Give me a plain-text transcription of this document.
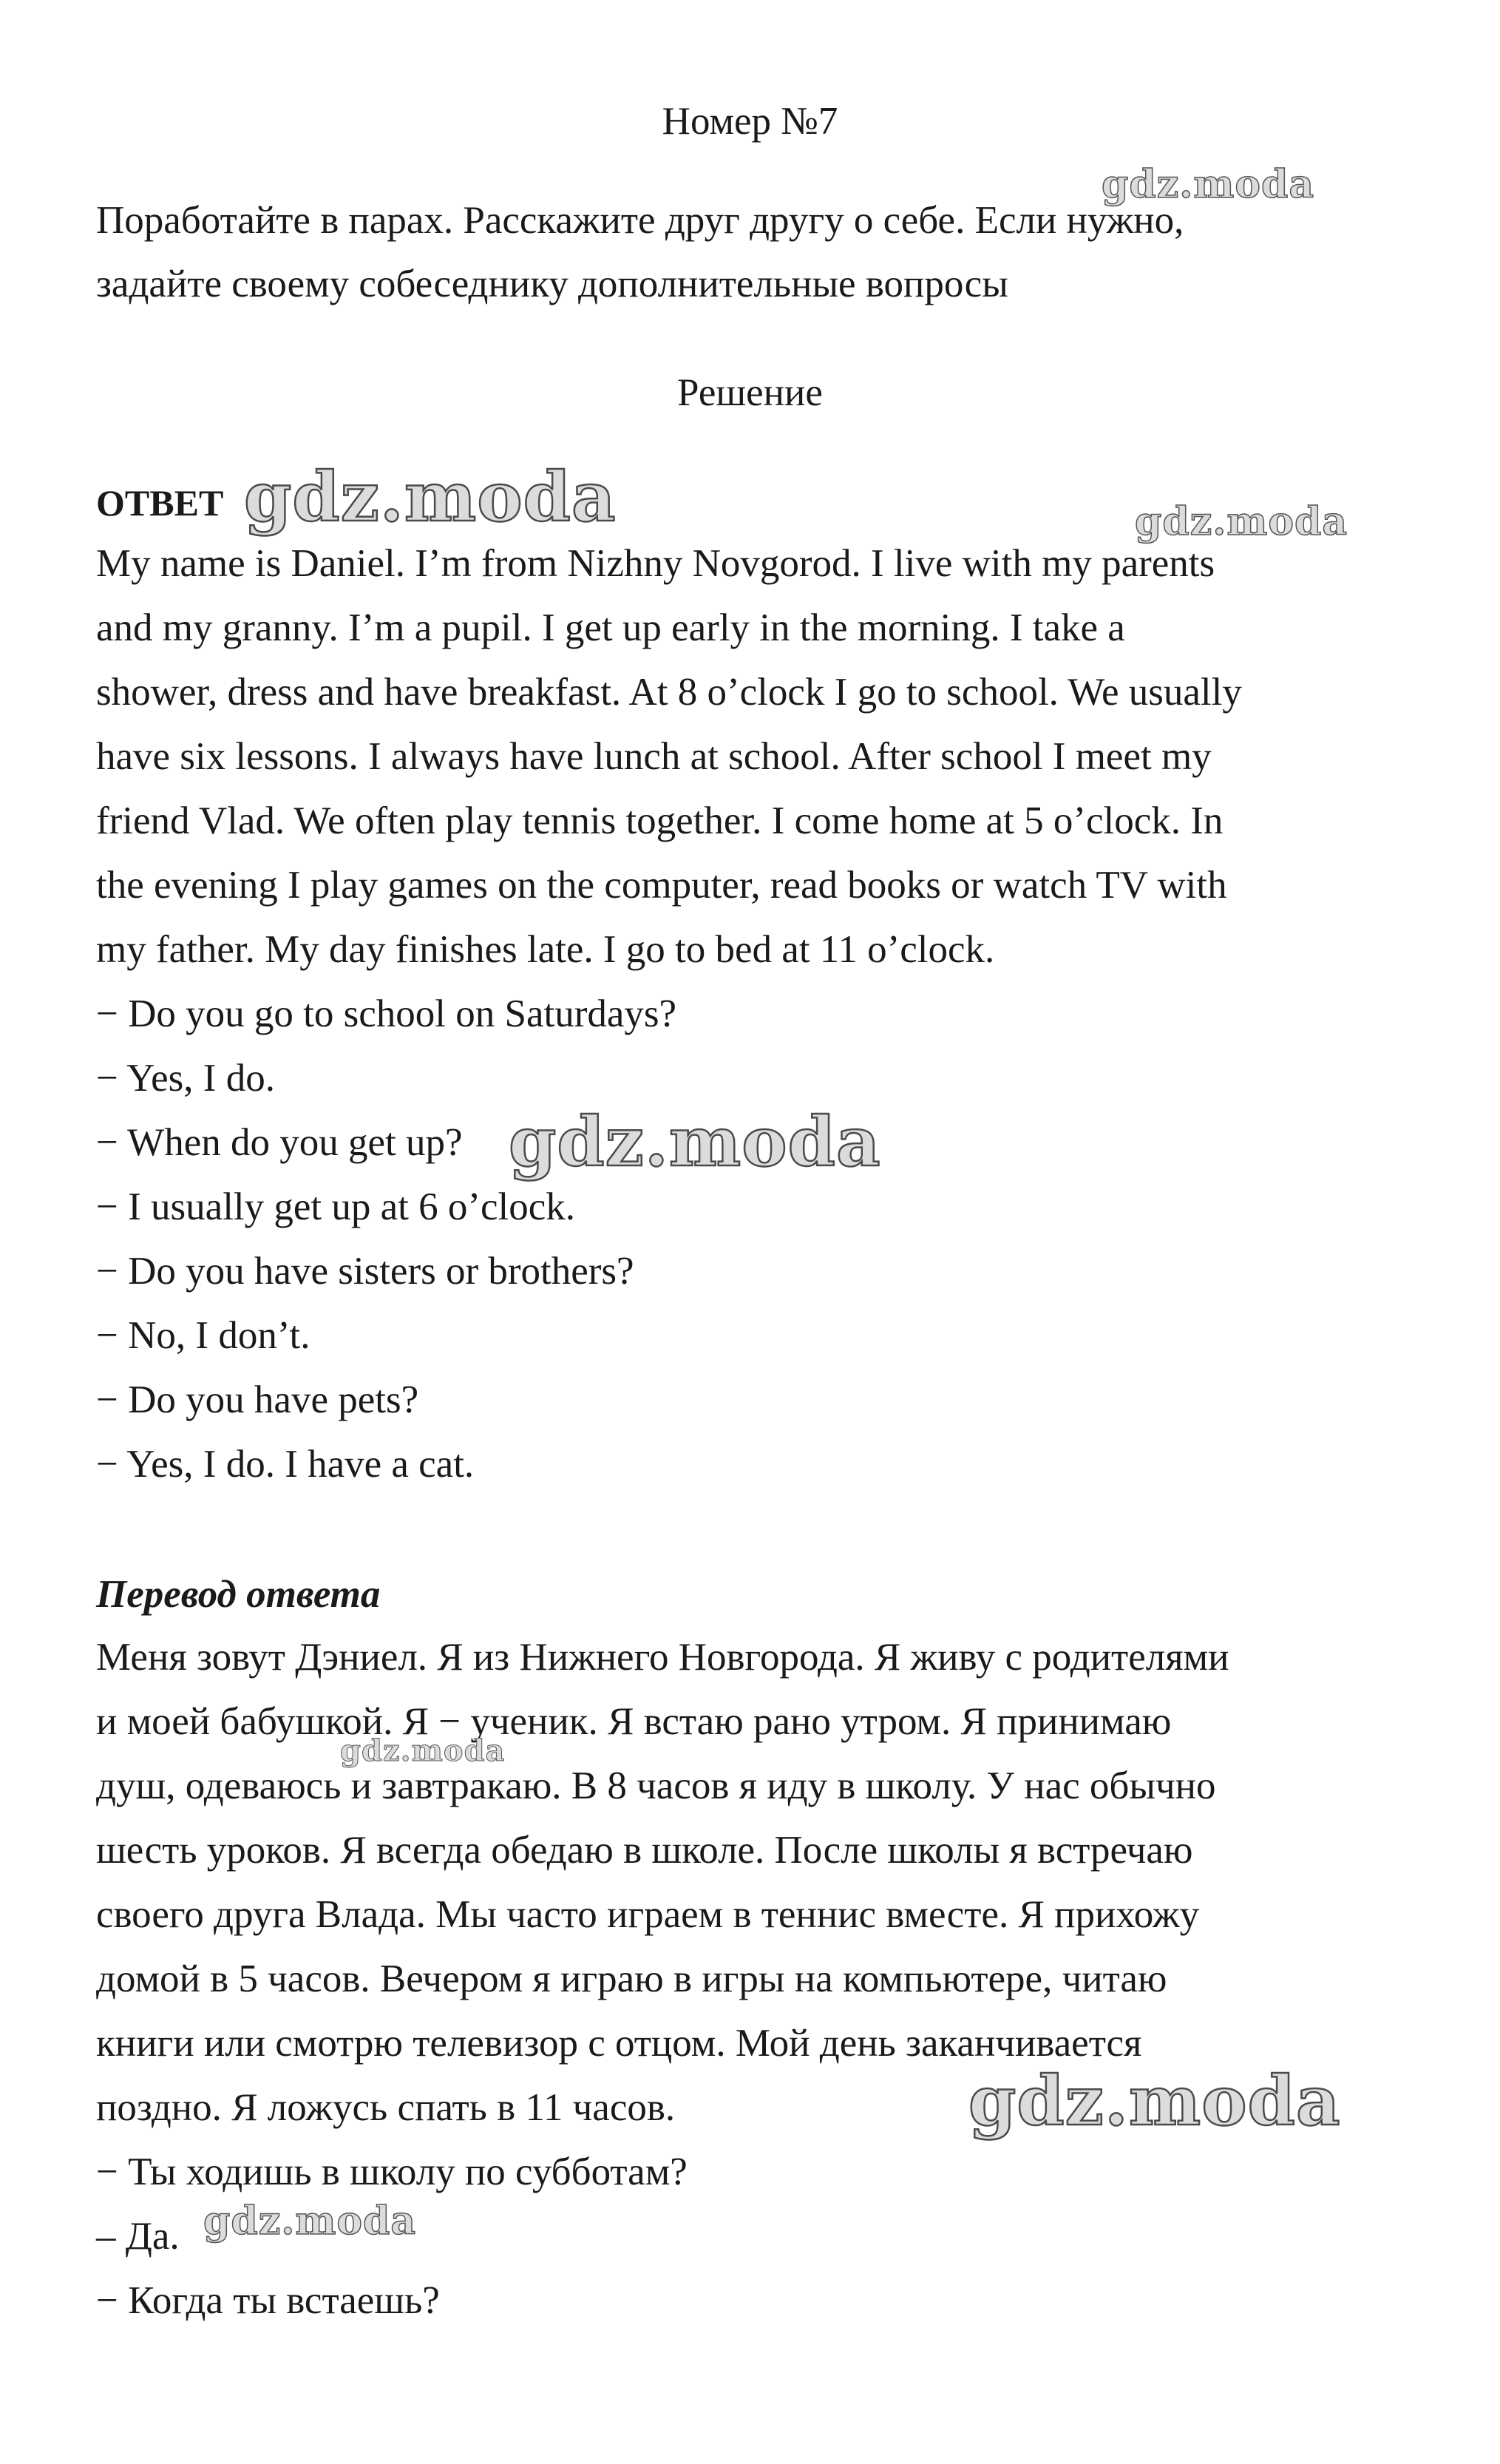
Номер №7
Поработайте в парах. Расскажите друг другу о себе. Если нужно,
задайте своему собеседнику дополнительные вопросы
Решение
ОТВЕТ
My name is Daniel. I’m from Nizhny Novgorod. I live with my parents
and my granny. I’m a pupil. I get up early in the morning. I take a
shower, dress and have breakfast. At 8 o’clock I go to school. We usually
have six lessons. I always have lunch at school. After school I meet my
friend Vlad. We often play tennis together. I come home at 5 o’clock. In
the evening I play games on the computer, read books or watch TV with
my father. My day finishes late. I go to bed at 11 o’clock.
− Do you go to school on Saturdays?
− Yes, I do.
− When do you get up?
− I usually get up at 6 o’clock.
− Do you have sisters or brothers?
− No, I don’t.
− Do you have pets?
− Yes, I do. I have a cat.
Перевод ответа
Меня зовут Дэниел. Я из Нижнего Новгорода. Я живу с родителями
и моей бабушкой. Я − ученик. Я встаю рано утром. Я принимаю
душ, одеваюсь и завтракаю. В 8 часов я иду в школу. У нас обычно
шесть уроков. Я всегда обедаю в школе. После школы я встречаю
своего друга Влада. Мы часто играем в теннис вместе. Я прихожу
домой в 5 часов. Вечером я играю в игры на компьютере, читаю
книги или смотрю телевизор с отцом. Мой день заканчивается
поздно. Я ложусь спать в 11 часов.
− Ты ходишь в школу по субботам?
– Да.
− Когда ты встаешь?
gdz.moda
gdz.moda	gdz.moda
gdz.moda
gdz.moda
gdz.moda
gdz.moda
